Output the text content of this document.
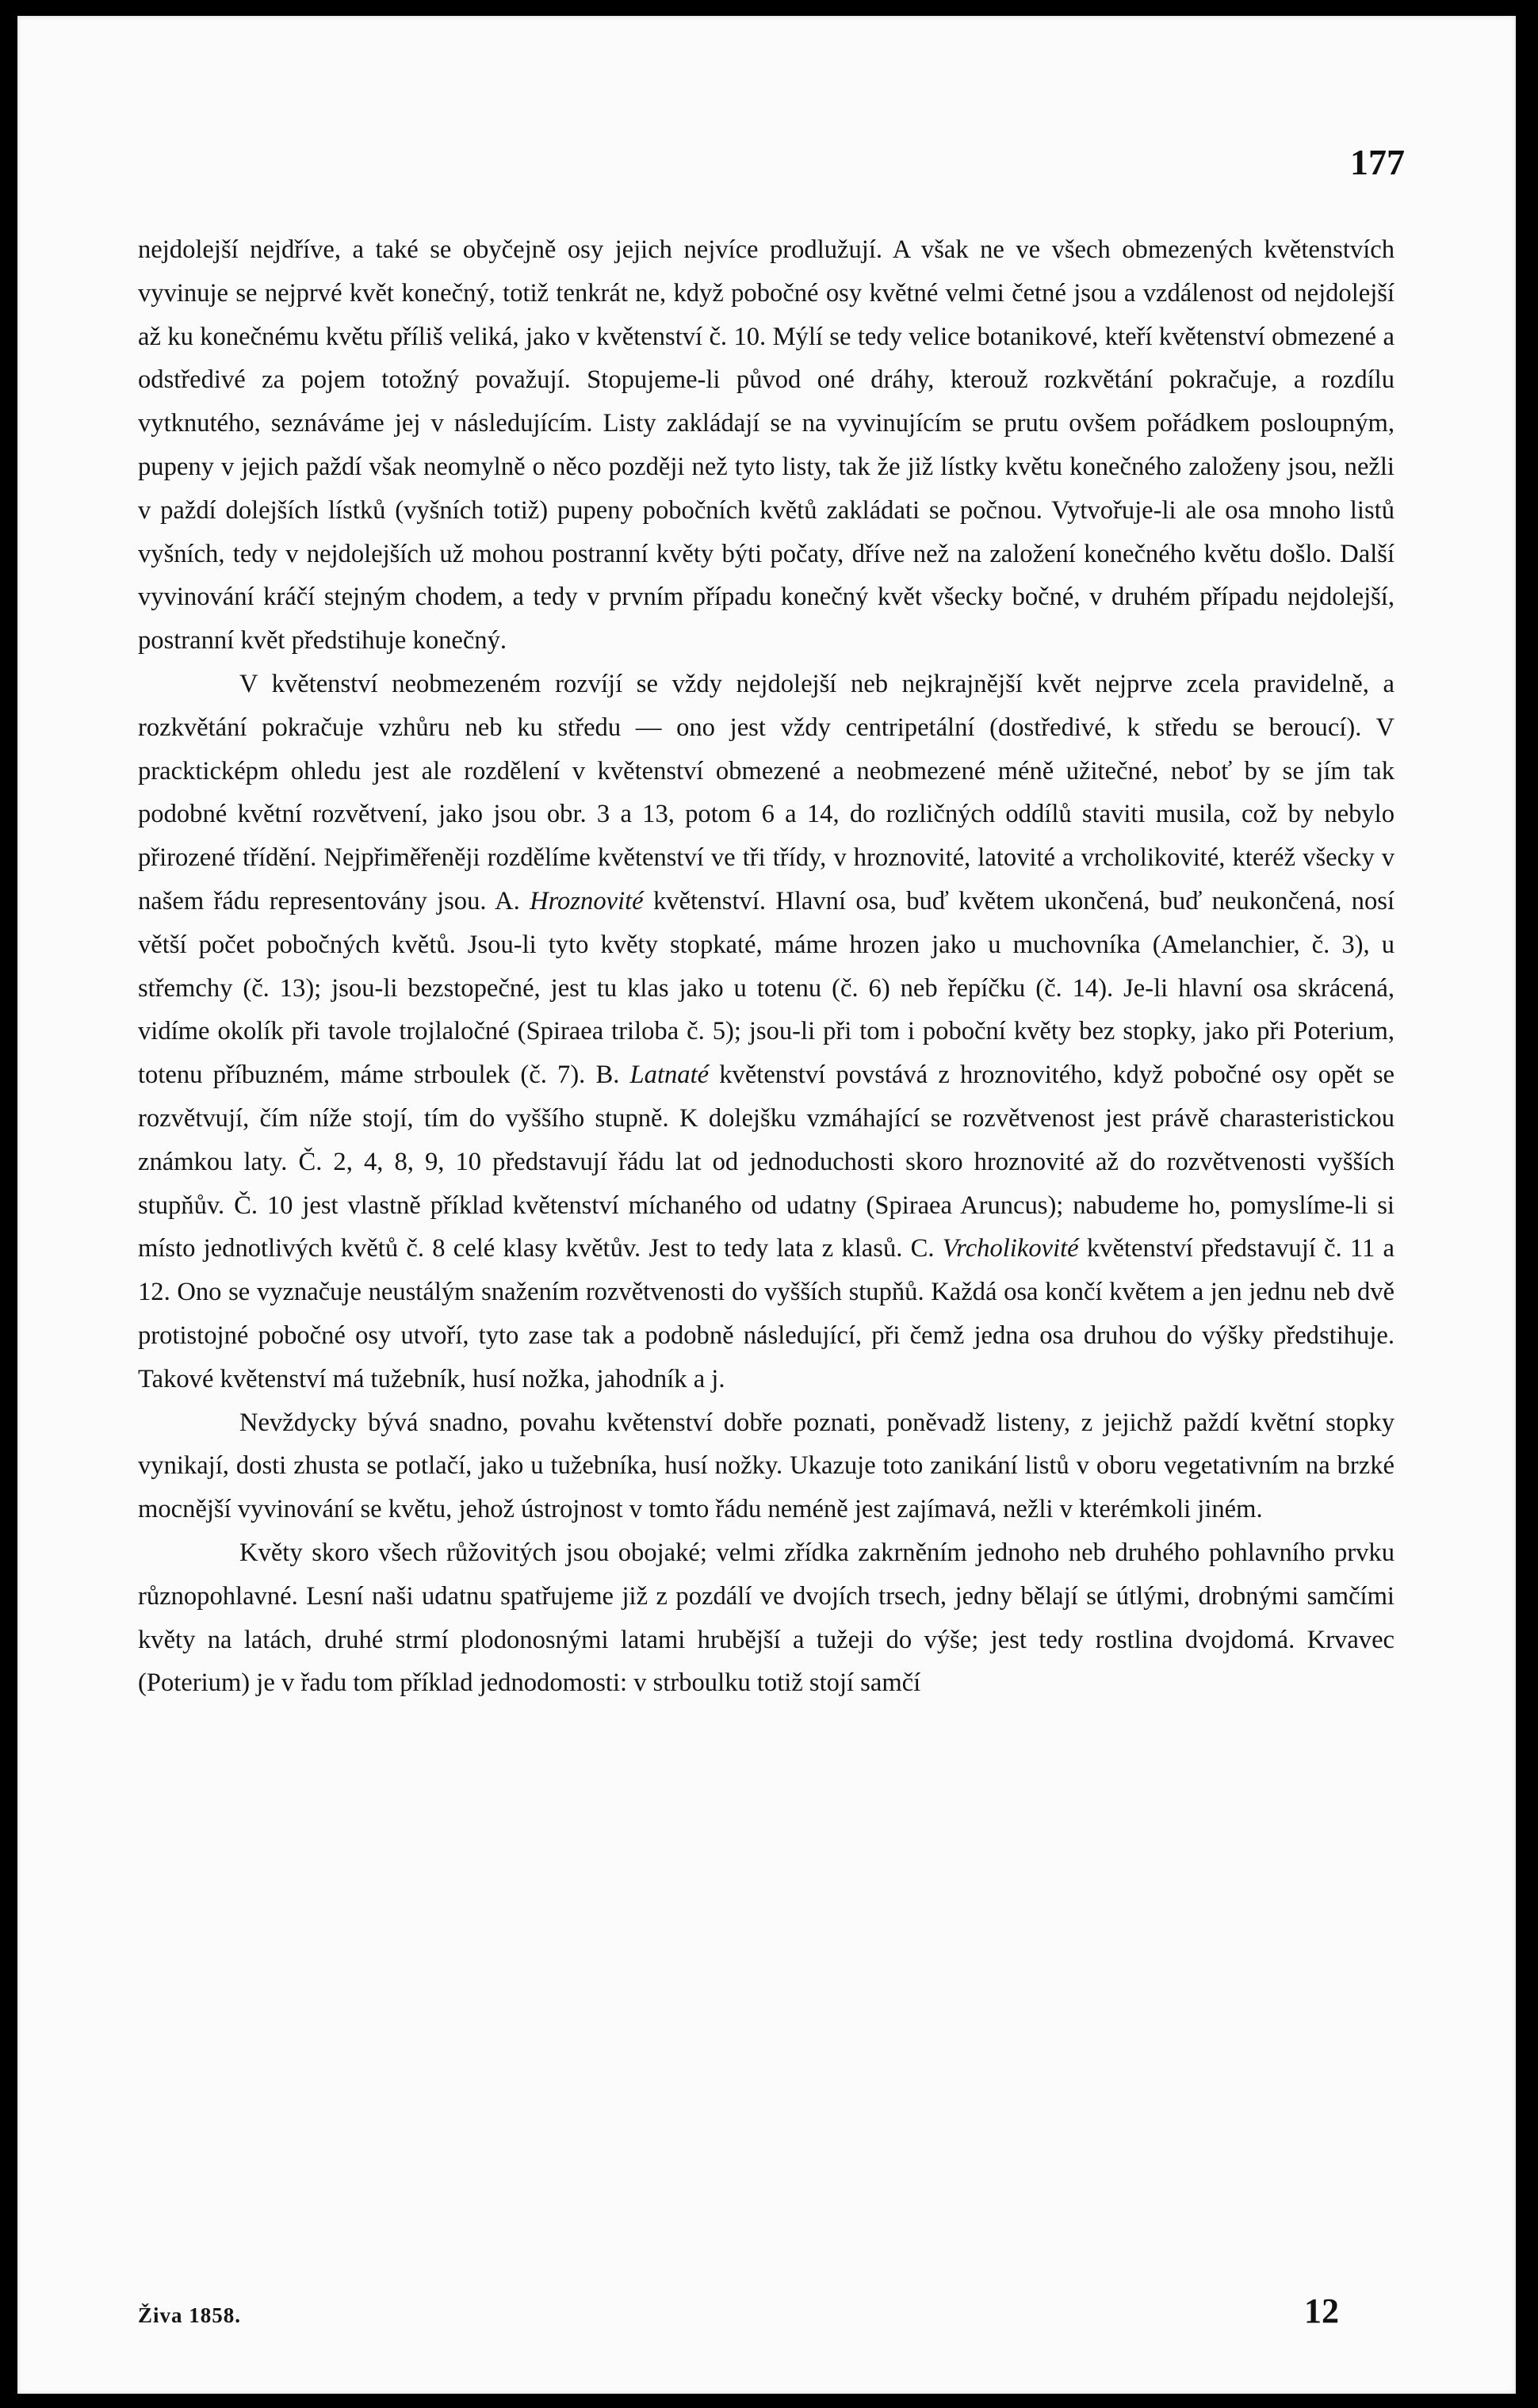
177

nejdolejší nejdříve, a také se obyčejně osy jejich nejvíce prodlužují. A však ne ve všech obmezených květenstvích vyvinuje se nejprvé květ konečný, totiž tenkrát ne, když pobočné osy květné velmi četné jsou a vzdálenost od nejdolejší až ku konečnému květu příliš veliká, jako v květenství č. 10. Mýlí se tedy velice botanikové, kteří květenství obmezené a odstředivé za pojem totožný považují. Stopujeme-li původ oné dráhy, kterouž rozkvětání pokračuje, a rozdílu vytknutého, seznáváme jej v následujícím. Listy zakládají se na vyvinujícím se prutu ovšem pořádkem posloupným, pupeny v jejich paždí však neomylně o něco později než tyto listy, tak že již lístky květu konečného založeny jsou, nežli v paždí dolejších lístků (vyšních totiž) pupeny pobočních květů zakládati se počnou. Vytvořuje-li ale osa mnoho listů vyšních, tedy v nejdolejších už mohou postranní květy býti počaty, dříve než na založení konečného květu došlo. Další vyvinování kráčí stejným chodem, a tedy v prvním případu konečný květ všecky bočné, v druhém případu nejdolejší, postranní květ předstihuje konečný.

V květenství neobmezeném rozvíjí se vždy nejdolejší neb nejkrajnější květ nejprve zcela pravidelně, a rozkvětání pokračuje vzhůru neb ku středu — ono jest vždy centripetální (dostředivé, k středu se beroucí). V prackticképm ohledu jest ale rozdělení v květenství obmezené a neobmezené méně užitečné, neboť by se jím tak podobné květní rozvětvení, jako jsou obr. 3 a 13, potom 6 a 14, do rozličných oddílů staviti musila, což by nebylo přirozené třídění. Nejpřiměřeněji rozdělíme květenství ve tři třídy, v hroznovité, latovité a vrcholikovité, kteréž všecky v našem řádu representovány jsou. A. Hroznovité květenství. Hlavní osa, buď květem ukončená, buď neukončená, nosí větší počet pobočných květů. Jsou-li tyto květy stopkaté, máme hrozen jako u muchovníka (Amelanchier, č. 3), u střemchy (č. 13); jsou-li bezstopečné, jest tu klas jako u totenu (č. 6) neb řepíčku (č. 14). Je-li hlavní osa skrácená, vidíme okolík při tavole trojlaločné (Spiraea triloba č. 5); jsou-li při tom i poboční květy bez stopky, jako při Poterium, totenu příbuzném, máme strboulek (č. 7). B. Latnaté květenství povstává z hroznovitého, když pobočné osy opět se rozvětvují, čím níže stojí, tím do vyššího stupně. K dolejšku vzmáhající se rozvětvenost jest právě charasteristickou známkou laty. Č. 2, 4, 8, 9, 10 představují řádu lat od jednoduchosti skoro hroznovité až do rozvětvenosti vyšších stupňův. Č. 10 jest vlastně příklad květenství míchaného od udatny (Spiraea Aruncus); nabudeme ho, pomyslíme-li si místo jednotlivých květů č. 8 celé klasy květův. Jest to tedy lata z klasů. C. Vrcholikovité květenství představují č. 11 a 12. Ono se vyznačuje neustálým snažením rozvětvenosti do vyšších stupňů. Každá osa končí květem a jen jednu neb dvě protistojné pobočné osy utvoří, tyto zase tak a podobně následující, při čemž jedna osa druhou do výšky předstihuje. Takové květenství má tužebník, husí nožka, jahodník a j.

Nevždycky bývá snadno, povahu květenství dobře poznati, poněvadž listeny, z jejichž paždí květní stopky vynikají, dosti zhusta se potlačí, jako u tužebníka, husí nožky. Ukazuje toto zanikání listů v oboru vegetativním na brzké mocnější vyvinování se květu, jehož ústrojnost v tomto řádu neméně jest zajímavá, nežli v kterémkoli jiném.

Květy skoro všech růžovitých jsou obojaké; velmi zřídka zakrněním jednoho neb druhého pohlavního prvku různopohlavné. Lesní naši udatnu spatřujeme již z pozdálí ve dvojích trsech, jedny bělají se útlými, drobnými samčími květy na latách, druhé strmí plodonosnými latami hrubější a tužeji do výše; jest tedy rostlina dvojdomá. Krvavec (Poterium) je v řadu tom příklad jednodomosti: v strboulku totiž stojí samčí

Živa 1858.	12
